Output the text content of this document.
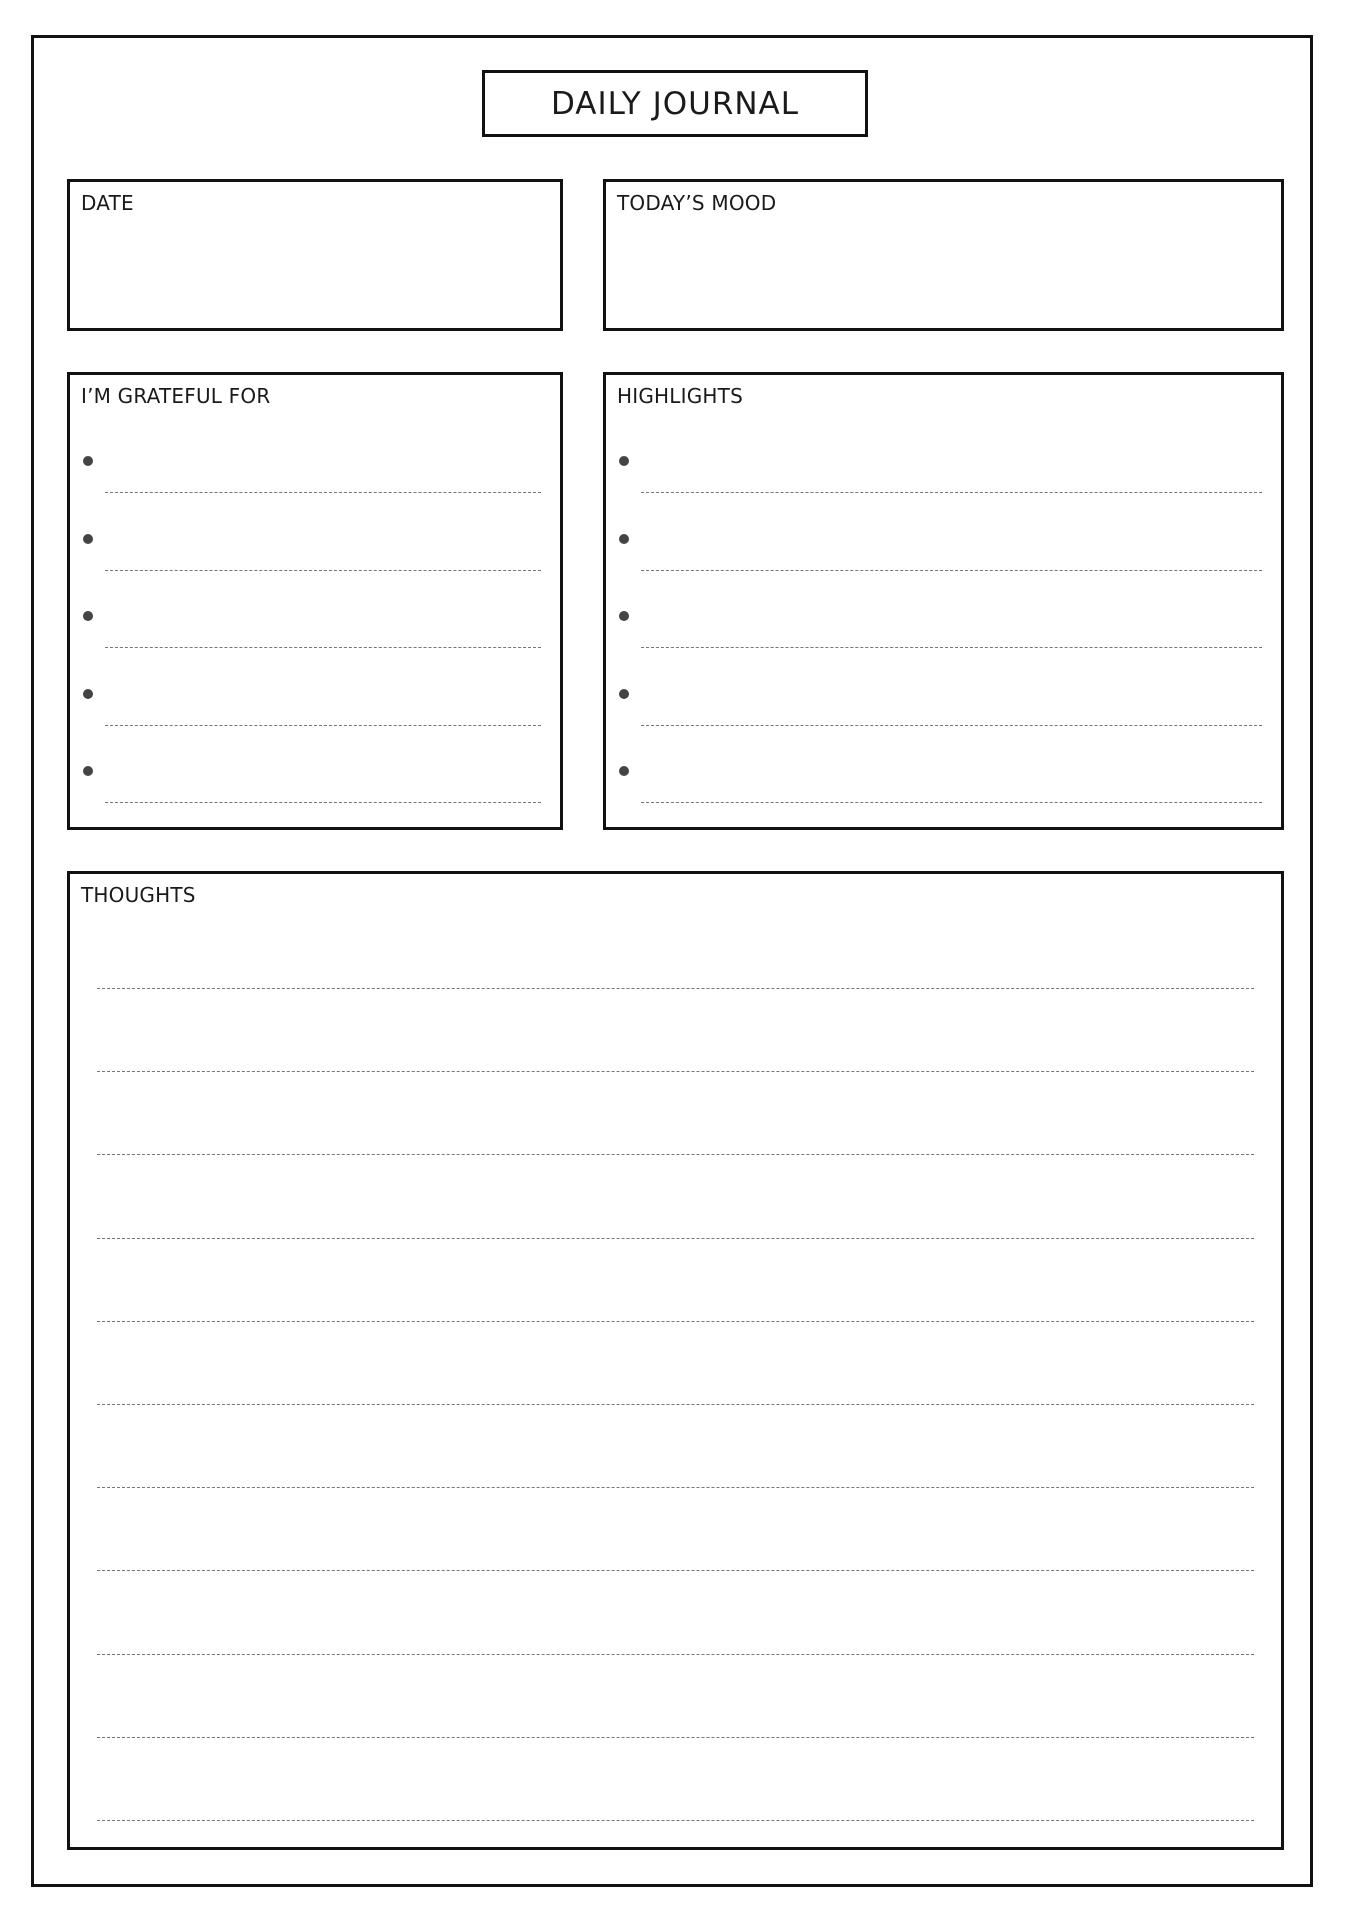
DAILY JOURNAL
DATE	TODAY’S MOOD
I’M GRATEFUL FOR	HIGHLIGHTS
THOUGHTS
